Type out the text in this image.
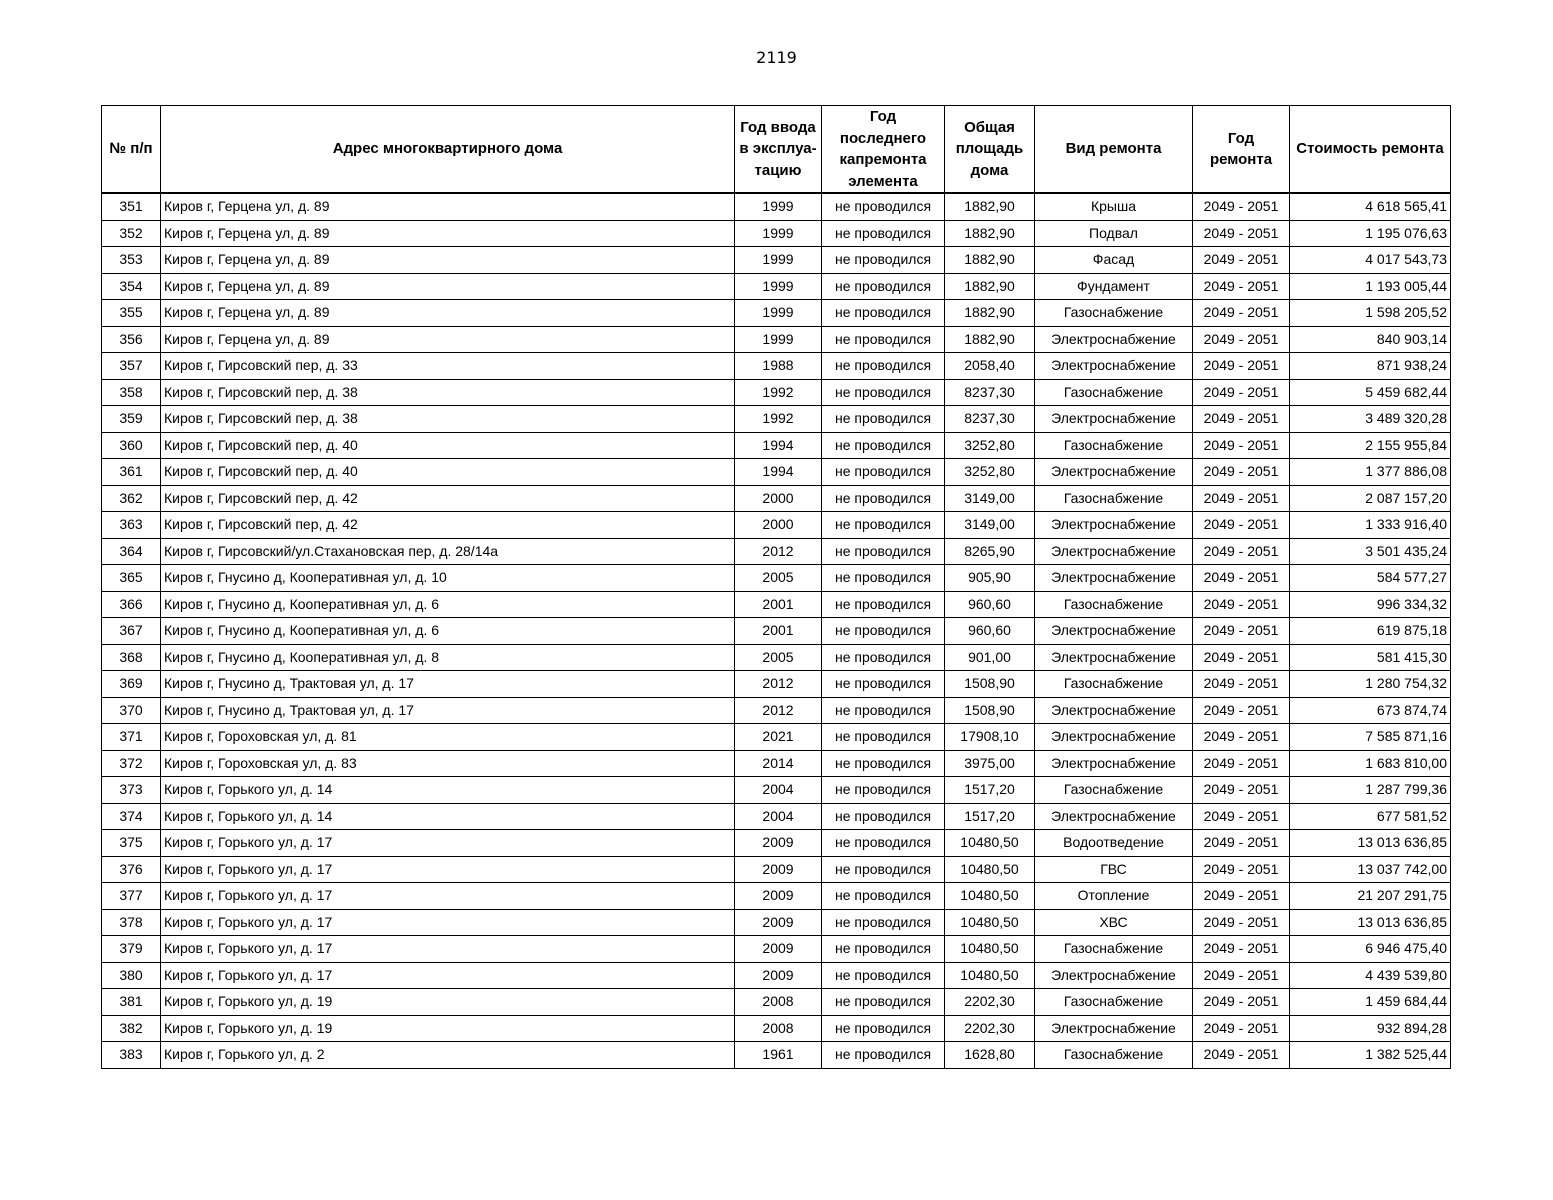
2119
№ п/п	Адрес многоквартирного дома	Год ввода в эксплуа-тацию	Год последнего капремонта элемента	Общая площадь дома	Вид ремонта	Год ремонта	Стоимость ремонта
351	Киров г, Герцена ул, д. 89	1999	не проводился	1882,90	Крыша	2049 - 2051	4 618 565,41
352	Киров г, Герцена ул, д. 89	1999	не проводился	1882,90	Подвал	2049 - 2051	1 195 076,63
353	Киров г, Герцена ул, д. 89	1999	не проводился	1882,90	Фасад	2049 - 2051	4 017 543,73
354	Киров г, Герцена ул, д. 89	1999	не проводился	1882,90	Фундамент	2049 - 2051	1 193 005,44
355	Киров г, Герцена ул, д. 89	1999	не проводился	1882,90	Газоснабжение	2049 - 2051	1 598 205,52
356	Киров г, Герцена ул, д. 89	1999	не проводился	1882,90	Электроснабжение	2049 - 2051	840 903,14
357	Киров г, Гирсовский пер, д. 33	1988	не проводился	2058,40	Электроснабжение	2049 - 2051	871 938,24
358	Киров г, Гирсовский пер, д. 38	1992	не проводился	8237,30	Газоснабжение	2049 - 2051	5 459 682,44
359	Киров г, Гирсовский пер, д. 38	1992	не проводился	8237,30	Электроснабжение	2049 - 2051	3 489 320,28
360	Киров г, Гирсовский пер, д. 40	1994	не проводился	3252,80	Газоснабжение	2049 - 2051	2 155 955,84
361	Киров г, Гирсовский пер, д. 40	1994	не проводился	3252,80	Электроснабжение	2049 - 2051	1 377 886,08
362	Киров г, Гирсовский пер, д. 42	2000	не проводился	3149,00	Газоснабжение	2049 - 2051	2 087 157,20
363	Киров г, Гирсовский пер, д. 42	2000	не проводился	3149,00	Электроснабжение	2049 - 2051	1 333 916,40
364	Киров г, Гирсовский/ул.Стахановская пер, д. 28/14а	2012	не проводился	8265,90	Электроснабжение	2049 - 2051	3 501 435,24
365	Киров г, Гнусино д, Кооперативная ул, д. 10	2005	не проводился	905,90	Электроснабжение	2049 - 2051	584 577,27
366	Киров г, Гнусино д, Кооперативная ул, д. 6	2001	не проводился	960,60	Газоснабжение	2049 - 2051	996 334,32
367	Киров г, Гнусино д, Кооперативная ул, д. 6	2001	не проводился	960,60	Электроснабжение	2049 - 2051	619 875,18
368	Киров г, Гнусино д, Кооперативная ул, д. 8	2005	не проводился	901,00	Электроснабжение	2049 - 2051	581 415,30
369	Киров г, Гнусино д, Трактовая ул, д. 17	2012	не проводился	1508,90	Газоснабжение	2049 - 2051	1 280 754,32
370	Киров г, Гнусино д, Трактовая ул, д. 17	2012	не проводился	1508,90	Электроснабжение	2049 - 2051	673 874,74
371	Киров г, Гороховская ул, д. 81	2021	не проводился	17908,10	Электроснабжение	2049 - 2051	7 585 871,16
372	Киров г, Гороховская ул, д. 83	2014	не проводился	3975,00	Электроснабжение	2049 - 2051	1 683 810,00
373	Киров г, Горького ул, д. 14	2004	не проводился	1517,20	Газоснабжение	2049 - 2051	1 287 799,36
374	Киров г, Горького ул, д. 14	2004	не проводился	1517,20	Электроснабжение	2049 - 2051	677 581,52
375	Киров г, Горького ул, д. 17	2009	не проводился	10480,50	Водоотведение	2049 - 2051	13 013 636,85
376	Киров г, Горького ул, д. 17	2009	не проводился	10480,50	ГВС	2049 - 2051	13 037 742,00
377	Киров г, Горького ул, д. 17	2009	не проводился	10480,50	Отопление	2049 - 2051	21 207 291,75
378	Киров г, Горького ул, д. 17	2009	не проводился	10480,50	ХВС	2049 - 2051	13 013 636,85
379	Киров г, Горького ул, д. 17	2009	не проводился	10480,50	Газоснабжение	2049 - 2051	6 946 475,40
380	Киров г, Горького ул, д. 17	2009	не проводился	10480,50	Электроснабжение	2049 - 2051	4 439 539,80
381	Киров г, Горького ул, д. 19	2008	не проводился	2202,30	Газоснабжение	2049 - 2051	1 459 684,44
382	Киров г, Горького ул, д. 19	2008	не проводился	2202,30	Электроснабжение	2049 - 2051	932 894,28
383	Киров г, Горького ул, д. 2	1961	не проводился	1628,80	Газоснабжение	2049 - 2051	1 382 525,44
